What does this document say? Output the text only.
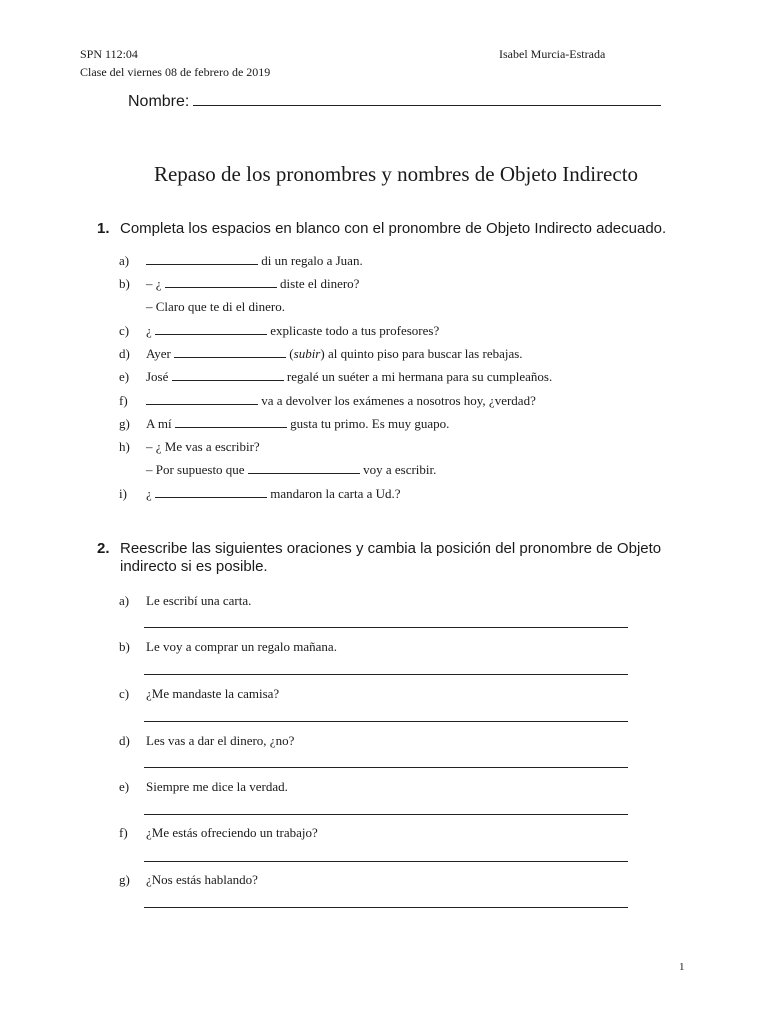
SPN 112:04
Clase del viernes 08 de febrero de 2019
Isabel Murcia-Estrada
Nombre:
Repaso de los pronombres y nombres de Objeto Indirecto
1. Completa los espacios en blanco con el pronombre de Objeto Indirecto adecuado.
a)	di un regalo a Juan.
b) – ¿	diste el dinero?
– Claro que te di el dinero.
c) ¿	explicaste todo a tus profesores?
d) Ayer	(subir) al quinto piso para buscar las rebajas.
e) José	regalé un suéter a mi hermana para su cumpleaños.
f)	va a devolver los exámenes a nosotros hoy, ¿verdad?
g) A mí	gusta tu primo. Es muy guapo.
h) – ¿ Me vas a escribir?
– Por supuesto que	voy a escribir.
i) ¿	mandaron la carta a Ud.?
2. Reescribe las siguientes oraciones y cambia la posición del pronombre de Objeto indirecto si es posible.
a) Le escribí una carta.
b) Le voy a comprar un regalo mañana.
c) ¿Me mandaste la camisa?
d) Les vas a dar el dinero, ¿no?
e) Siempre me dice la verdad.
f) ¿Me estás ofreciendo un trabajo?
g) ¿Nos estás hablando?
1
